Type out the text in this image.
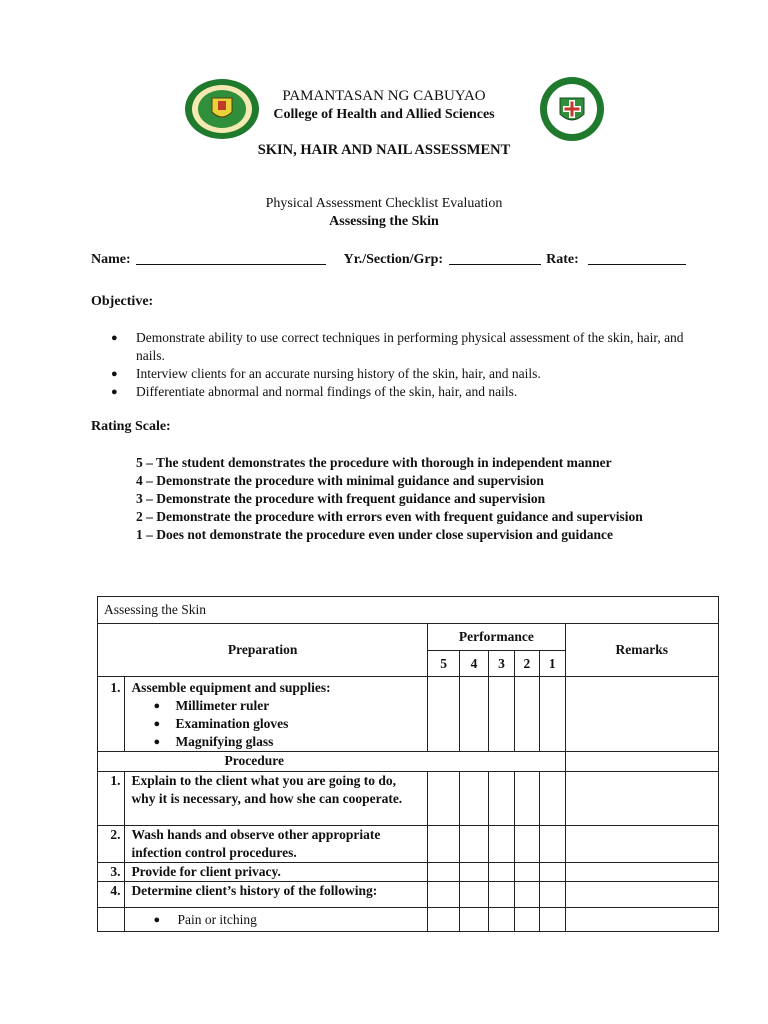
PAMANTASAN NG CABUYAO
College of Health and Allied Sciences
SKIN, HAIR AND NAIL ASSESSMENT
Physical Assessment Checklist Evaluation
Assessing the Skin
Name:	Yr./Section/Grp:	Rate:
Objective:
● Demonstrate ability to use correct techniques in performing physical assessment of the skin, hair, and nails.
● Interview clients for an accurate nursing history of the skin, hair, and nails.
● Differentiate abnormal and normal findings of the skin, hair, and nails.
Rating Scale:
5 – The student demonstrates the procedure with thorough in independent manner
4 – Demonstrate the procedure with minimal guidance and supervision
3 – Demonstrate the procedure with frequent guidance and supervision
2 – Demonstrate the procedure with errors even with frequent guidance and supervision
1 – Does not demonstrate the procedure even under close supervision and guidance
Assessing the Skin							
Preparation		Performance					Remarks
		5	4	3	2	1	
1.	Assemble equipment and supplies:
● Millimeter ruler
● Examination gloves
● Magnifying glass

Procedure							
1.	Explain to the client what you are going to do, why it is necessary, and how she can cooperate.						
2.	Wash hands and observe other appropriate infection control procedures.						
3.	Provide for client privacy.						
4.	Determine client’s history of the following:						

	● Pain or itching
